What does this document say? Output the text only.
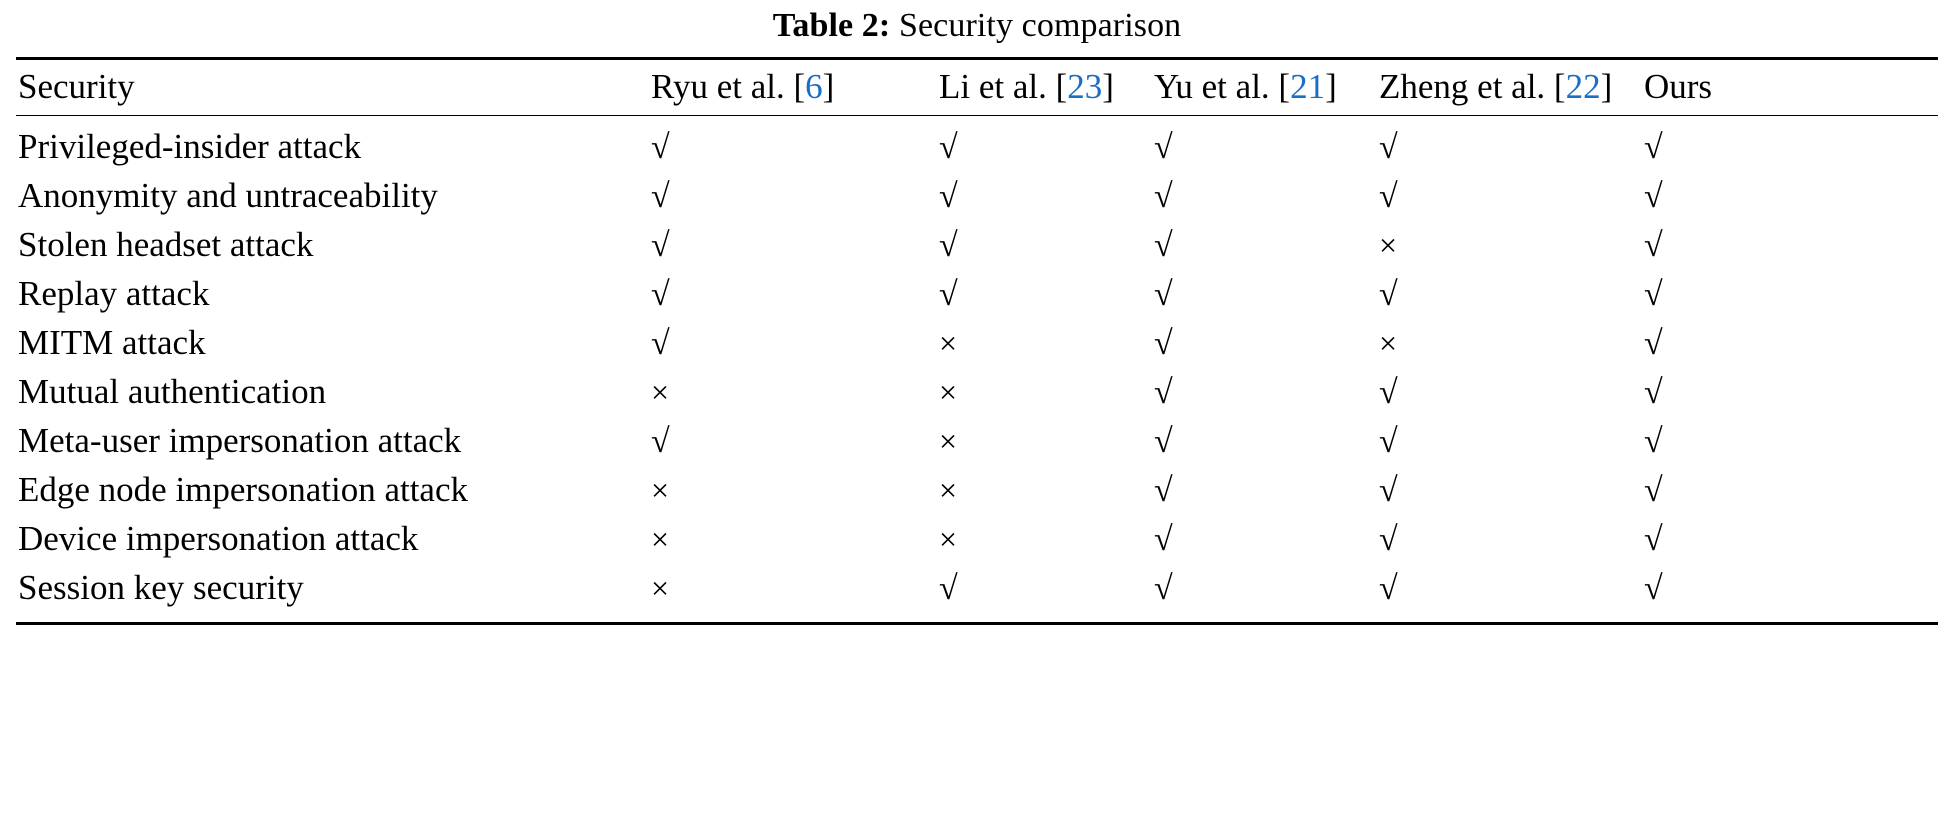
Table 2: Security comparison

Security	Ryu et al. [6]	Li et al. [23]	Yu et al. [21]	Zheng et al. [22]	Ours

Privileged-insider attack	√	√	√	√	√
Anonymity and untraceability	√	√	√	√	√
Stolen headset attack	√	√	√	×	√
Replay attack	√	√	√	√	√
MITM attack	√	×	√	×	√
Mutual authentication	×	×	√	√	√
Meta-user impersonation attack	√	×	√	√	√
Edge node impersonation attack	×	×	√	√	√
Device impersonation attack	×	×	√	√	√
Session key security	×	√	√	√	√
